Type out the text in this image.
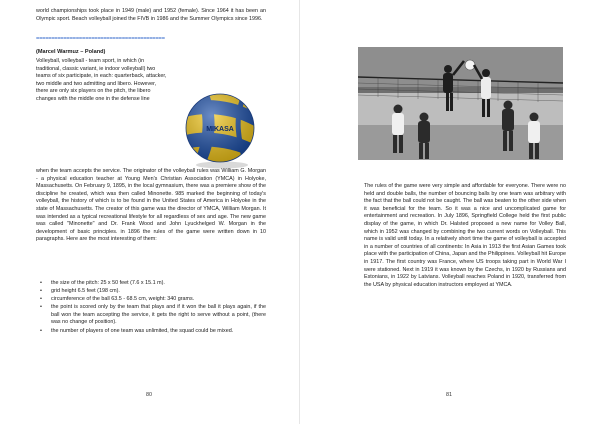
world championships took place in 1949 (male) and 1952 (female). Since 1964 it has been an Olympic sport. Beach volleyball joined the FIVB in 1986 and the Summer Olympics since 1996.

==========================================
(Marcel Warmuz – Poland)

Volleyball, volleyball - team sport, in which (in traditional, classic variant, ie indoor volleyball) two teams of six participate, in each: quarterback, attacker, two middle and two admitting and libero. However, there are only six players on the pitch, the libero changes with the middle one in the defense line

MIKASA

when the team accepts the service. The originator of the volleyball rules was William G. Morgan - a physical education teacher at Young Men's Christian Association (YMCA) in Holyoke, Massachusetts. On February 9, 1895, in the local gymnasium, there was a premiere show of the discipline he created, which was then called Minonette. 985 marked the beginning of today's volleyball, the history of which is to be found in the United States of America in Holyoke in the state of Massachusetts. The creator of this game was the director of YMCA, William Morgan. It was intended as a typical recreational lifestyle for all regardless of sex and age. The new game was called "Minonette" and Dr. Frank Wood and John Lyuckhelged W. Morgan in the development of basic principles. in 1896 the rules of the game were written down in 10 paragraphs. Here are the most interesting of them:

• the size of the pitch: 25 x 50 feet (7.6 x 15.1 m).
• grid height 6.5 feet (198 cm).
• circumference of the ball 63.5 - 68.5 cm, weight: 340 grams.
• the point is scored only by the team that plays and if it won the ball it plays again, if the ball won the team accepting the service, it gets the right to serve without a point, (there was no change of position).
• the number of players of one team was unlimited, the squad could be mixed.
80

The rules of the game were very simple and affordable for everyone. There were no held and double balls, the number of bouncing balls by one team was arbitrary with the fact that the ball could not be caught. The ball was beaten to the other side when it was beneficial for the team. So it was a nice and uncomplicated game for entertainment and recreation. In July 1896, Springfield College held the first public display of the game, in which Dr. Halsted proposed a new name for Volley Ball, which in 1952 was changed by combining the two current words on Volleyball. This name is valid until today. In a relatively short time the game of volleyball is accepted in a number of countries of all continents: In Asia in 1913 the first Asian Games took place with the participation of China, Japan and the Philippines. Volleyball hit Europe in 1917. The first country was France, where US troops taking part in World War I were stationed. Next in 1919 it was known by the Czechs, in 1920 by Russians and Estonians, in 1922 by Latvians. Volleyball reaches Poland in 1920, transferred from the USA by physical education instructors employed at YMCA.

81
